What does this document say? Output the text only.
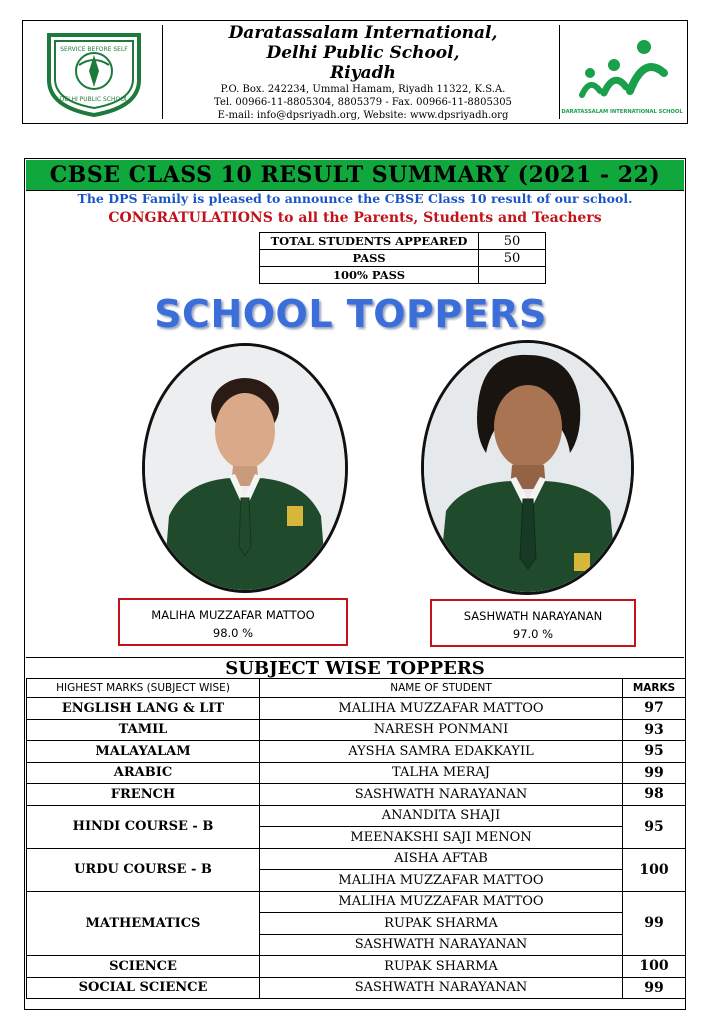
SERVICE BEFORE SELF
DELHI PUBLIC SCHOOL
Daratassalam International,
Delhi Public School,
Riyadh
P.O. Box. 242234, Ummal Hamam, Riyadh 11322, K.S.A.
Tel. 00966-11-8805304, 8805379 - Fax. 00966-11-8805305
E-mail: info@dpsriyadh.org, Website: www.dpsriyadh.org	DARATASSALAM INTERNATIONAL SCHOOL
CBSE CLASS 10 RESULT SUMMARY (2021 - 22)
The DPS Family is pleased to announce the CBSE Class 10 result of our school.
CONGRATULATIONS to all the Parents, Students and Teachers
TOTAL STUDENTS APPEARED	50
PASS	50
100% PASS	
SCHOOL TOPPERS
MALIHA MUZZAFAR MATTOO
98.0 %
SASHWATH NARAYANAN
97.0 %
SUBJECT WISE TOPPERS
HIGHEST MARKS (SUBJECT WISE)	NAME OF STUDENT	MARKS
ENGLISH LANG & LIT	MALIHA MUZZAFAR MATTOO	97
TAMIL	NARESH PONMANI	93
MALAYALAM	AYSHA SAMRA EDAKKAYIL	95
ARABIC	TALHA MERAJ	99
FRENCH	SASHWATH NARAYANAN	98
HINDI COURSE - B	ANANDITA SHAJI	95
	MEENAKSHI SAJI MENON	
URDU COURSE - B	AISHA AFTAB	100
	MALIHA MUZZAFAR MATTOO	
MATHEMATICS	MALIHA MUZZAFAR MATTOO	99
	RUPAK SHARMA	
	SASHWATH NARAYANAN	
SCIENCE	RUPAK SHARMA	100
SOCIAL SCIENCE	SASHWATH NARAYANAN	99
